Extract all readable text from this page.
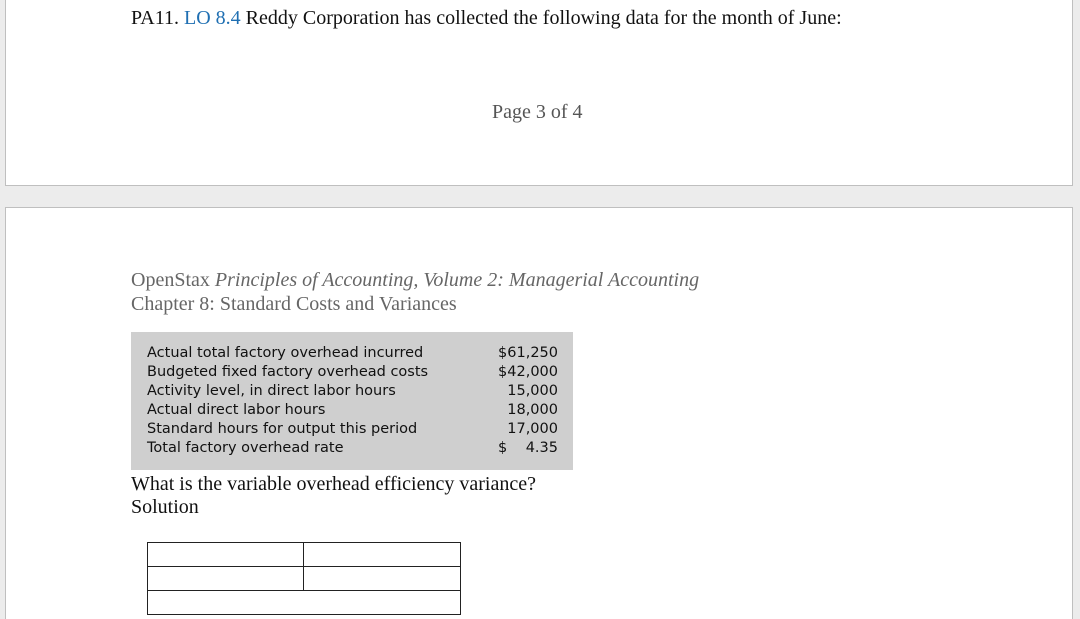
PA11. LO 8.4 Reddy Corporation has collected the following data for the month of June:
Page 3 of 4
OpenStax Principles of Accounting, Volume 2: Managerial Accounting
Chapter 8: Standard Costs and Variances
Actual total factory overhead incurred	$61,250
Budgeted fixed factory overhead costs	$42,000
Activity level, in direct labor hours	15,000
Actual direct labor hours	18,000
Standard hours for output this period	17,000
Total factory overhead rate	$    4.35
What is the variable overhead efficiency variance?
Solution
